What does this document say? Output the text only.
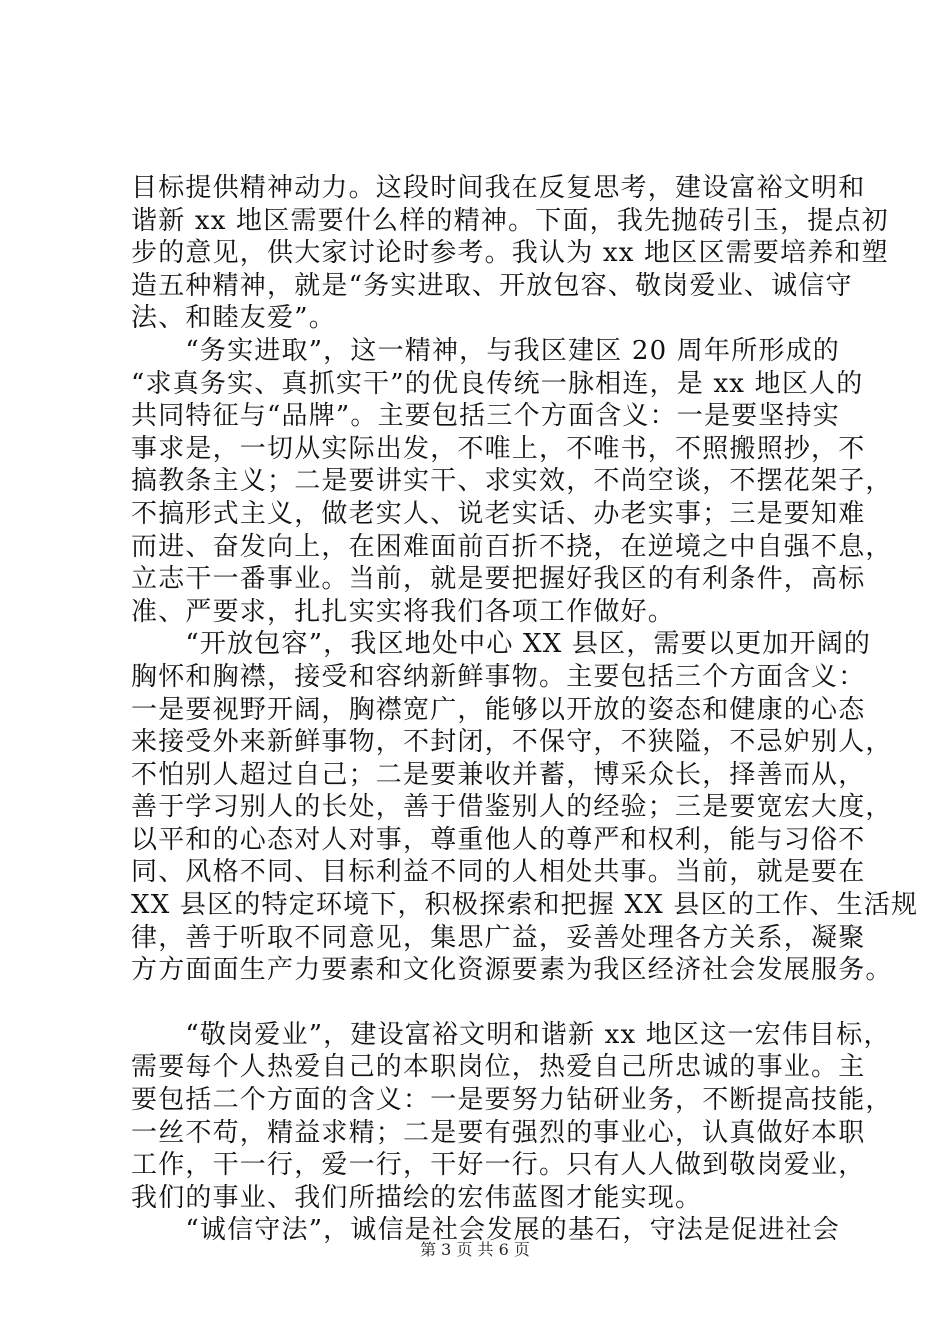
目标提供精神动力。这段时间我在反复思考，建设富裕文明和
谐新 xx 地区需要什么样的精神。下面，我先抛砖引玉，提点初
步的意见，供大家讨论时参考。我认为 xx 地区区需要培养和塑
造五种精神，就是“务实进取、开放包容、敬岗爱业、诚信守
法、和睦友爱”。
　　“务实进取”，这一精神，与我区建区 20 周年所形成的
“求真务实、真抓实干”的优良传统一脉相连，是 xx 地区人的
共同特征与“品牌”。主要包括三个方面含义：一是要坚持实
事求是，一切从实际出发，不唯上，不唯书，不照搬照抄，不
搞教条主义；二是要讲实干、求实效，不尚空谈，不摆花架子，
不搞形式主义，做老实人、说老实话、办老实事；三是要知难
而进、奋发向上，在困难面前百折不挠，在逆境之中自强不息，
立志干一番事业。当前，就是要把握好我区的有利条件，高标
准、严要求，扎扎实实将我们各项工作做好。
　　“开放包容”，我区地处中心 XX 县区，需要以更加开阔的
胸怀和胸襟，接受和容纳新鲜事物。主要包括三个方面含义：
一是要视野开阔，胸襟宽广，能够以开放的姿态和健康的心态
来接受外来新鲜事物，不封闭，不保守，不狭隘，不忌妒别人，
不怕别人超过自己；二是要兼收并蓄，博采众长，择善而从，
善于学习别人的长处，善于借鉴别人的经验；三是要宽宏大度，
以平和的心态对人对事，尊重他人的尊严和权利，能与习俗不
同、风格不同、目标利益不同的人相处共事。当前，就是要在
XX 县区的特定环境下，积极探索和把握 XX 县区的工作、生活规
律，善于听取不同意见，集思广益，妥善处理各方关系，凝聚
方方面面生产力要素和文化资源要素为我区经济社会发展服务。
　　“敬岗爱业”，建设富裕文明和谐新 xx 地区这一宏伟目标，
需要每个人热爱自己的本职岗位，热爱自己所忠诚的事业。主
要包括二个方面的含义：一是要努力钻研业务，不断提高技能，
一丝不苟，精益求精；二是要有强烈的事业心，认真做好本职
工作，干一行，爱一行，干好一行。只有人人做到敬岗爱业，
我们的事业、我们所描绘的宏伟蓝图才能实现。
　　“诚信守法”，诚信是社会发展的基石，守法是促进社会
第 3 页 共 6 页
